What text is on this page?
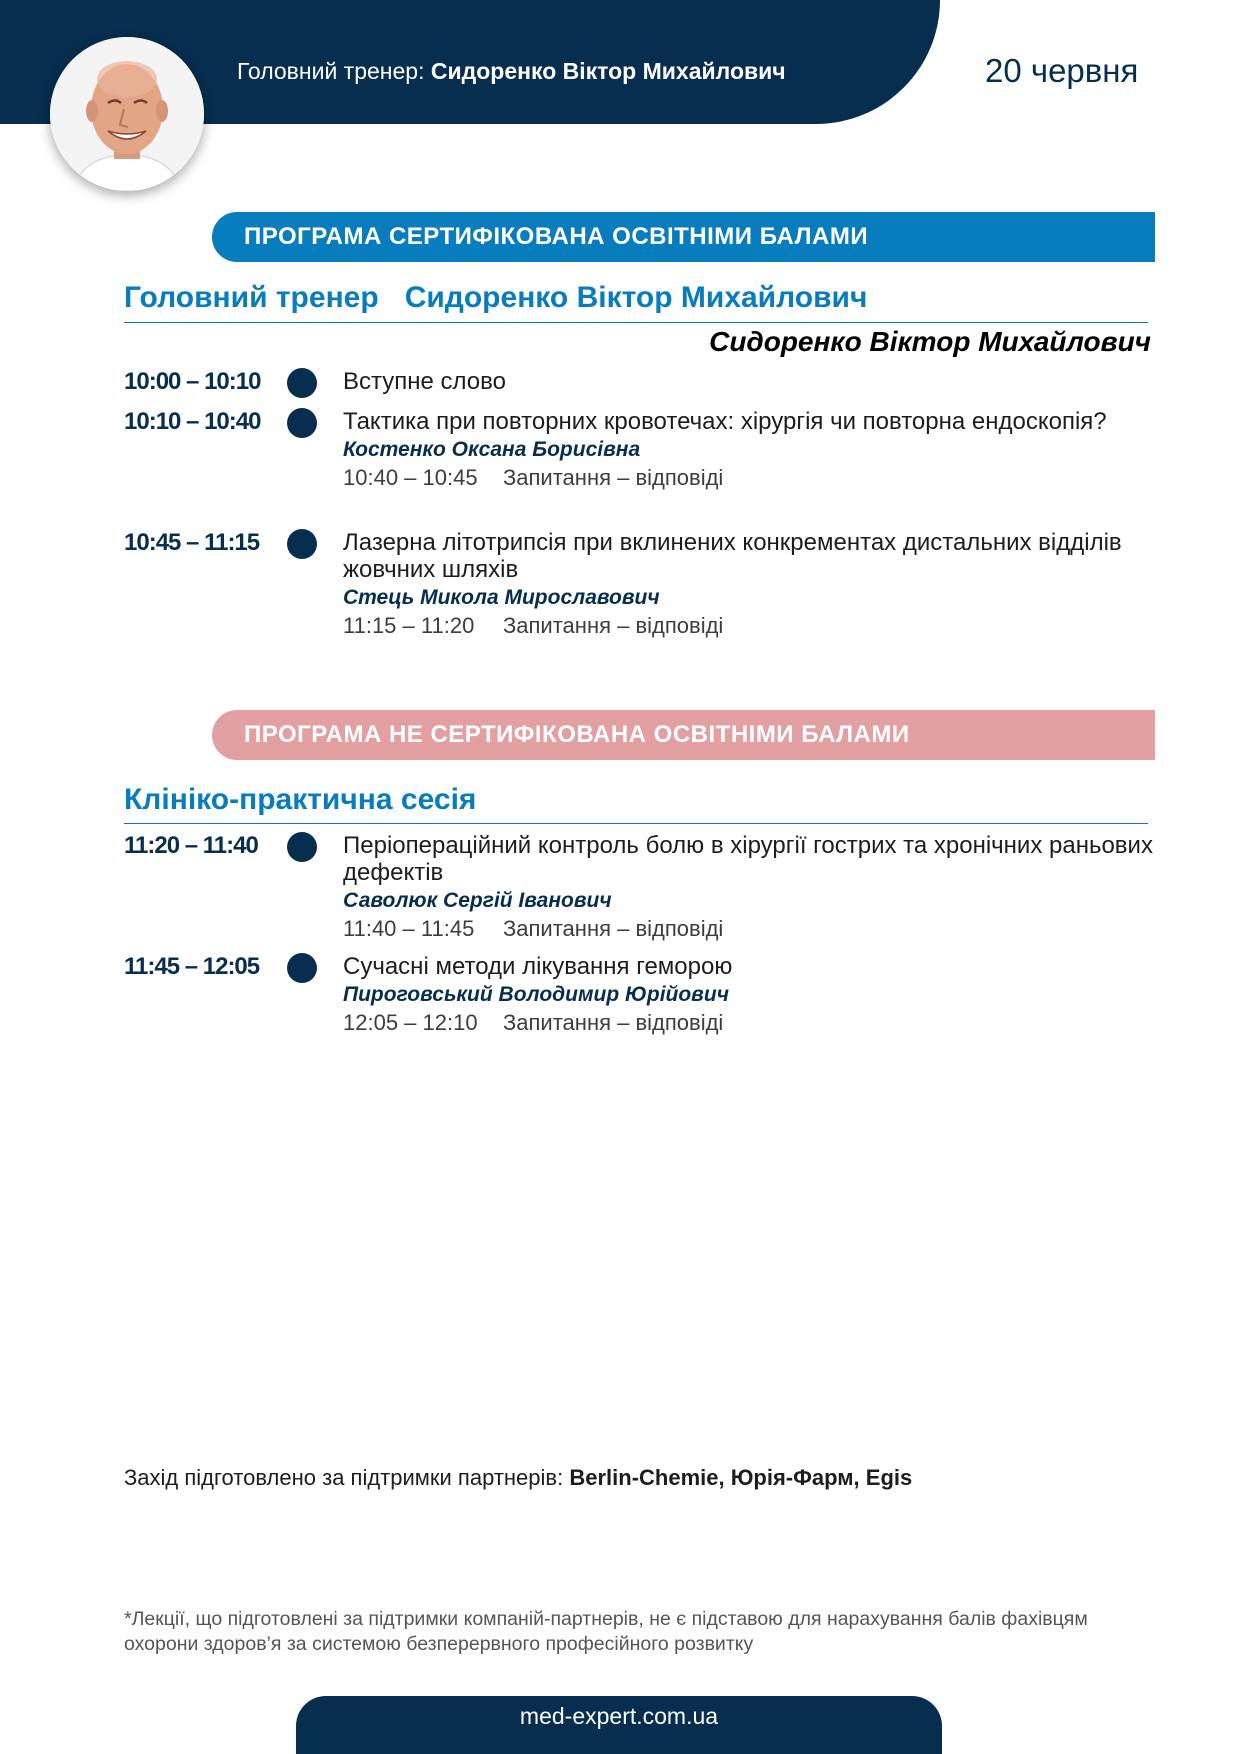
Головний тренер: Сидоренко Віктор Михайлович	20 червня
ПРОГРАМА СЕРТИФІКОВАНА ОСВІТНІМИ БАЛАМИ
Головний тренер Сидоренко Віктор Михайлович
Сидоренко Віктор Михайлович
10:00 – 10:10	Вступне слово

10:10 – 10:40	Тактика при повторних кровотечах: хірургія чи повторна ендоскопія?

Костенко Оксана Борисівна
10:40 – 10:45 Запитання – відповіді
10:45 – 11:15	Лазерна літотрипсія при вклинених конкрементах дистальних відділів жовчних шляхів

Стець Микола Мирославович
11:15 – 11:20 Запитання – відповіді
ПРОГРАМА НЕ СЕРТИФІКОВАНА ОСВІТНІМИ БАЛАМИ
Клініко-практична сесія
11:20 – 11:40	Періопераційний контроль болю в хірургії гострих та хронічних раньових дефектів

Саволюк Сергій Іванович
11:40 – 11:45 Запитання – відповіді
11:45 – 12:05	Сучасні методи лікування геморою

Пироговський Володимир Юрійович
12:05 – 12:10 Запитання – відповіді
Захід підготовлено за підтримки партнерів: Berlin-Chemie, Юрія-Фарм, Egis
*Лекції, що підготовлені за підтримки компаній-партнерів, не є підставою для нарахування балів фахівцям охорони здоров’я за системою безперервного професійного розвитку
med-expert.com.ua
